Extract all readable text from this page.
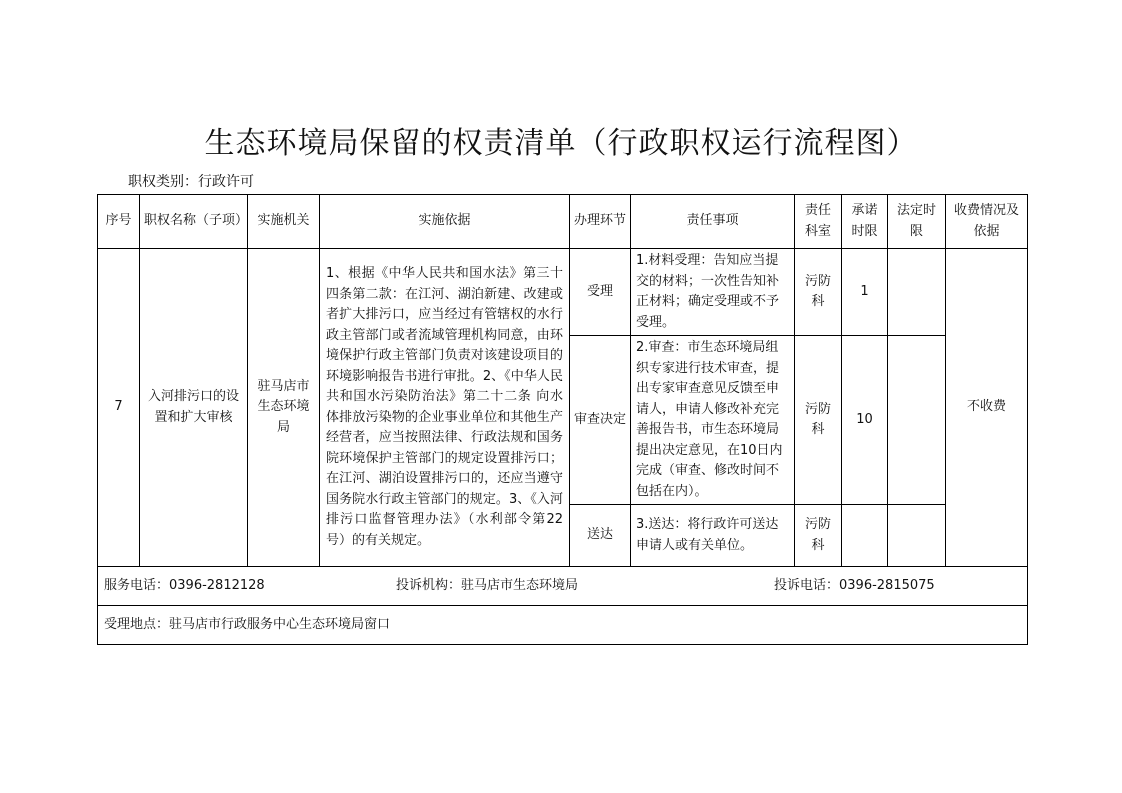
生态环境局保留的权责清单（行政职权运行流程图）
职权类别：行政许可
序号	职权名称（子项）	实施机关	实施依据	办理环节	责任事项	责任科室	承诺时限	法定时限	收费情况及依据
7	入河排污口的设置和扩大审核	驻马店市生态环境局	1、根据《中华人民共和国水法》第三十四条第二款：在江河、湖泊新建、改建或者扩大排污口，应当经过有管辖权的水行政主管部门或者流域管理机构同意，由环境保护行政主管部门负责对该建设项目的环境影响报告书进行审批。2、《中华人民共和国水污染防治法》第二十二条 向水体排放污染物的企业事业单位和其他生产经营者，应当按照法律、行政法规和国务院环境保护主管部门的规定设置排污口；在江河、湖泊设置排污口的，还应当遵守国务院水行政主管部门的规定。3、《入河排污口监督管理办法》（水利部令第22号）的有关规定。	受理	1.材料受理：告知应当提交的材料；一次性告知补正材料；确定受理或不予受理。	污防科	1		不收费
				审查决定	2.审查：市生态环境局组织专家进行技术审查，提出专家审查意见反馈至申请人，申请人修改补充完善报告书，市生态环境局提出决定意见，在10日内完成（审查、修改时间不包括在内）。	污防科	10		
				送达	3.送达：将行政许可送达申请人或有关单位。	污防科			
服务电话：0396-2812128 投诉机构：驻马店市生态环境局 投诉电话：0396-2815075									
受理地点：驻马店市行政服务中心生态环境局窗口									
